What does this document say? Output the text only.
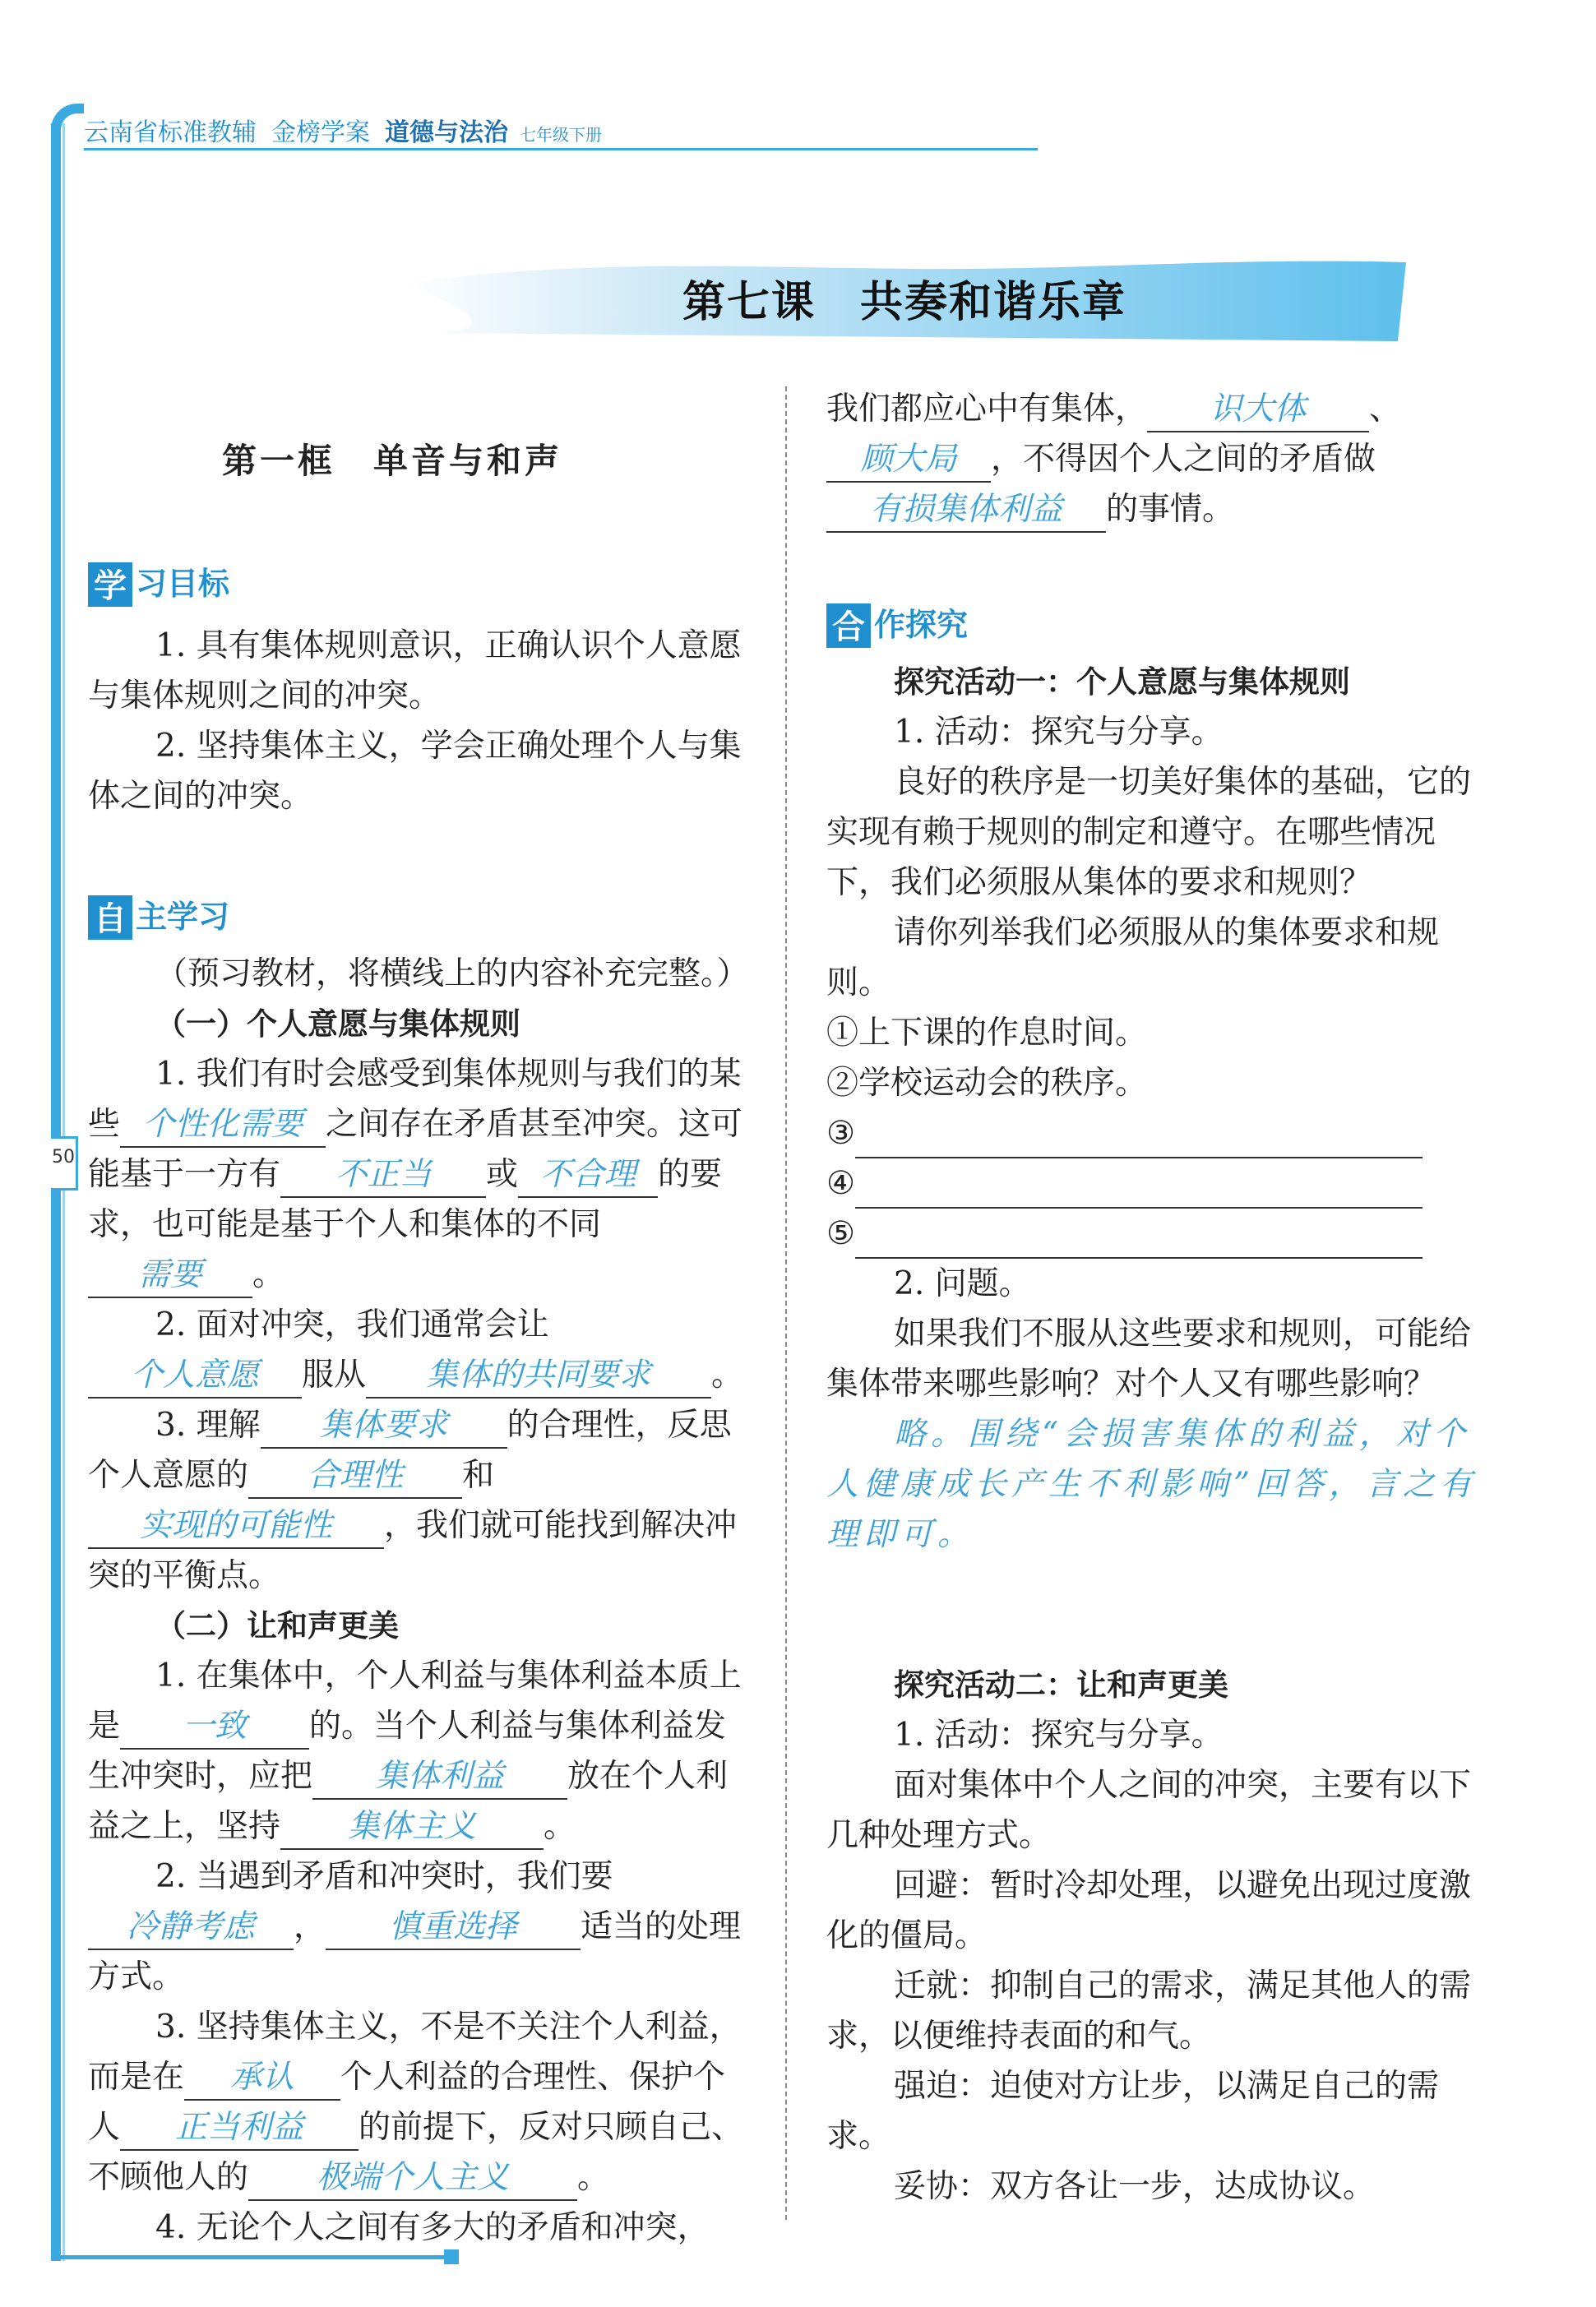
50
云南省标准教辅 金榜学案 道德与法治 七年级下册
第七课　共奏和谐乐章
第一框　单音与和声
学 习目标

1. 具有集体规则意识，正确认识个人意愿与集体规则之间的冲突。

2. 坚持集体主义，学会正确处理个人与集体之间的冲突。

自 主学习

（预习教材，将横线上的内容补充完整。）

（一）个人意愿与集体规则

1. 我们有时会感受到集体规则与我们的某些 个性化需要 之间存在矛盾甚至冲突。这可能基于一方有 不正当 或 不合理 的要求，也可能是基于个人和集体的不同需要 。

2. 面对冲突，我们通常会让个人意愿 服从 集体的共同要求 。

3. 理解 集体要求 的合理性，反思个人意愿的 合理性 和实现的可能性 ，我们就可能找到解决冲突的平衡点。

（二）让和声更美

1. 在集体中，个人利益与集体利益本质上是 一致 的。当个人利益与集体利益发生冲突时，应把 集体利益 放在个人利益之上，坚持 集体主义 。

2. 当遇到矛盾和冲突时，我们要冷静考虑 ， 慎重选择 适当的处理方式。

3. 坚持集体主义，不是不关注个人利益，而是在 承认 个人利益的合理性、保护个人 正当利益 的前提下，反对只顾自己、不顾他人的 极端个人主义 。

4. 无论个人之间有多大的矛盾和冲突，

我们都应心中有集体， 识大体 、顾大局 ，不得因个人之间的矛盾做有损集体利益 的事情。

合 作探究

探究活动一：个人意愿与集体规则

1. 活动：探究与分享。

良好的秩序是一切美好集体的基础，它的实现有赖于规则的制定和遵守。在哪些情况下，我们必须服从集体的要求和规则？

请你列举我们必须服从的集体要求和规则。

①上下课的作息时间。

②学校运动会的秩序。

③

④

⑤

2. 问题。

如果我们不服从这些要求和规则，可能给集体带来哪些影响？对个人又有哪些影响？

略。围绕“会损害集体的利益，对个人健康成长产生不利影响”回答，言之有理即可。

探究活动二：让和声更美

1. 活动：探究与分享。

面对集体中个人之间的冲突，主要有以下几种处理方式。

回避：暂时冷却处理，以避免出现过度激化的僵局。

迁就：抑制自己的需求，满足其他人的需求，以便维持表面的和气。

强迫：迫使对方让步，以满足自己的需求。

妥协：双方各让一步，达成协议。
